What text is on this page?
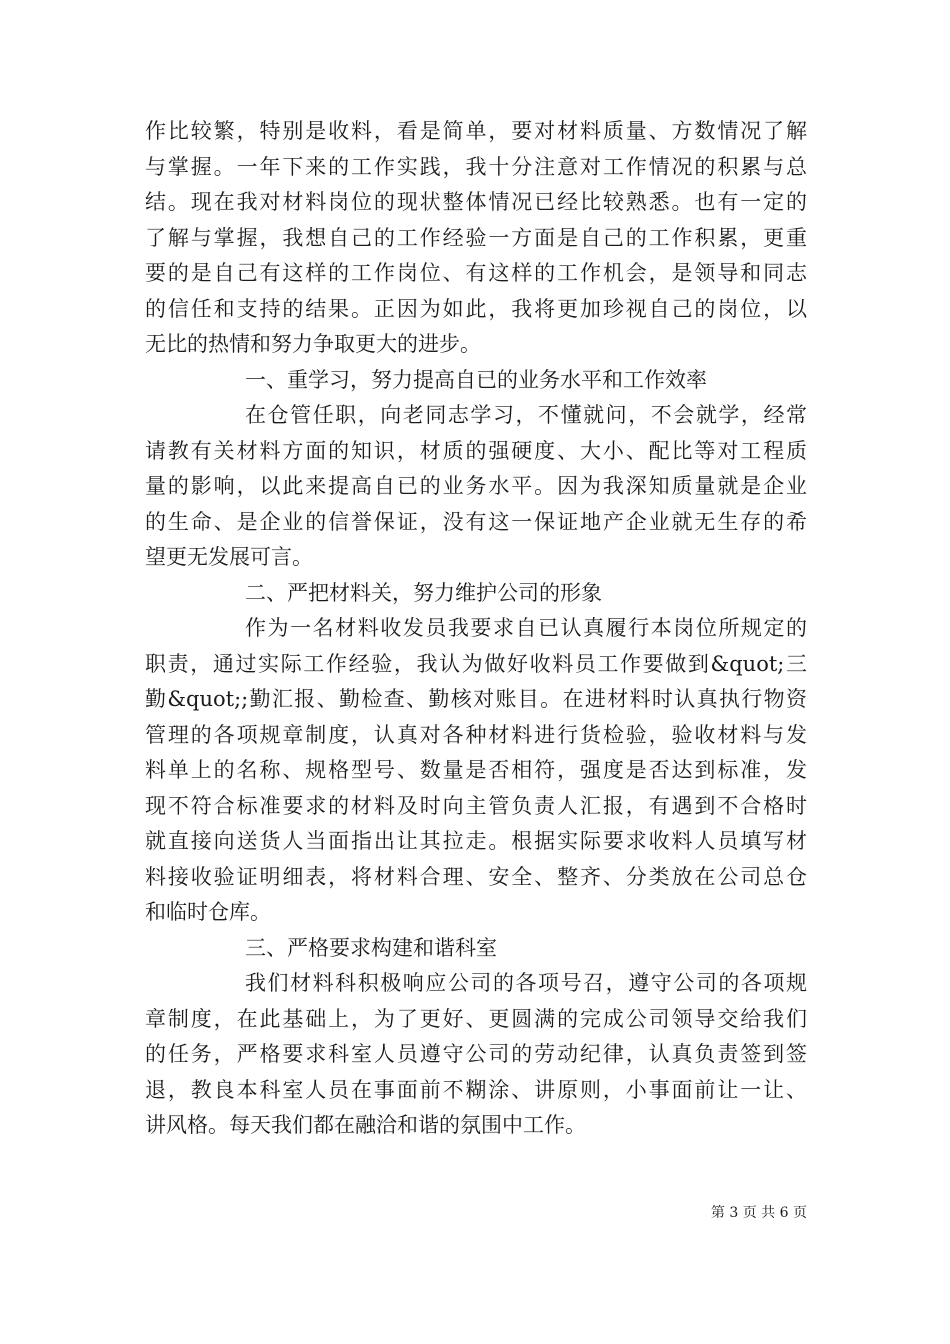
作比较繁，特别是收料，看是简单，要对材料质量、方数情况了解
与掌握。一年下来的工作实践，我十分注意对工作情况的积累与总
结。现在我对材料岗位的现状整体情况已经比较熟悉。也有一定的
了解与掌握，我想自己的工作经验一方面是自己的工作积累，更重
要的是自己有这样的工作岗位、有这样的工作机会，是领导和同志
的信任和支持的结果。正因为如此，我将更加珍视自己的岗位，以
无比的热情和努力争取更大的进步。
一、重学习，努力提高自已的业务水平和工作效率
在仓管任职，向老同志学习，不懂就问，不会就学，经常
请教有关材料方面的知识，材质的强硬度、大小、配比等对工程质
量的影响，以此来提高自已的业务水平。因为我深知质量就是企业
的生命、是企业的信誉保证，没有这一保证地产企业就无生存的希
望更无发展可言。
二、严把材料关，努力维护公司的形象
作为一名材料收发员我要求自已认真履行本岗位所规定的
职责，通过实际工作经验，我认为做好收料员工作要做到&quot;三
勤&quot;;勤汇报、勤检查、勤核对账目。在进材料时认真执行物资
管理的各项规章制度，认真对各种材料进行货检验，验收材料与发
料单上的名称、规格型号、数量是否相符，强度是否达到标准，发
现不符合标准要求的材料及时向主管负责人汇报，有遇到不合格时
就直接向送货人当面指出让其拉走。根据实际要求收料人员填写材
料接收验证明细表，将材料合理、安全、整齐、分类放在公司总仓
和临时仓库。
三、严格要求构建和谐科室
我们材料科积极响应公司的各项号召，遵守公司的各项规
章制度，在此基础上，为了更好、更圆满的完成公司领导交给我们
的任务，严格要求科室人员遵守公司的劳动纪律，认真负责签到签
退，教良本科室人员在事面前不糊涂、讲原则，小事面前让一让、
讲风格。每天我们都在融洽和谐的氛围中工作。
第 3 页 共 6 页
